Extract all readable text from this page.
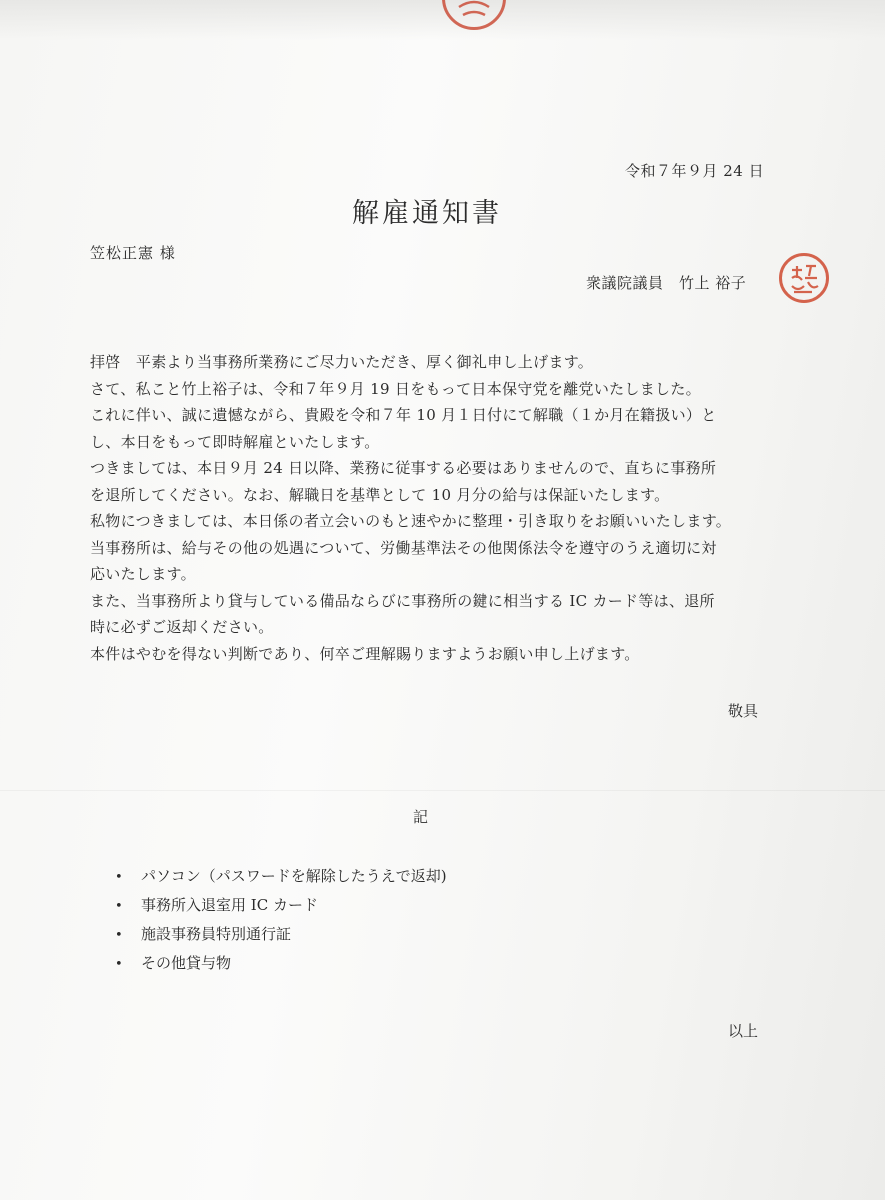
令和７年９月 24 日
解雇通知書
笠松正憲 様
衆議院議員　竹上 裕子
拝啓　平素より当事務所業務にご尽力いただき、厚く御礼申し上げます。
さて、私こと竹上裕子は、令和７年９月 19 日をもって日本保守党を離党いたしました。
これに伴い、誠に遺憾ながら、貴殿を令和７年 10 月１日付にて解職（１か月在籍扱い）と
し、本日をもって即時解雇といたします。
つきましては、本日９月 24 日以降、業務に従事する必要はありませんので、直ちに事務所
を退所してください。なお、解職日を基準として 10 月分の給与は保証いたします。
私物につきましては、本日係の者立会いのもと速やかに整理・引き取りをお願いいたします。
当事務所は、給与その他の処遇について、労働基準法その他関係法令を遵守のうえ適切に対
応いたします。
また、当事務所より貸与している備品ならびに事務所の鍵に相当する IC カード等は、退所
時に必ずご返却ください。
本件はやむを得ない判断であり、何卒ご理解賜りますようお願い申し上げます。
敬具
記
• パソコン（パスワードを解除したうえで返却)
• 事務所入退室用 IC カード
• 施設事務員特別通行証
• その他貸与物
以上
